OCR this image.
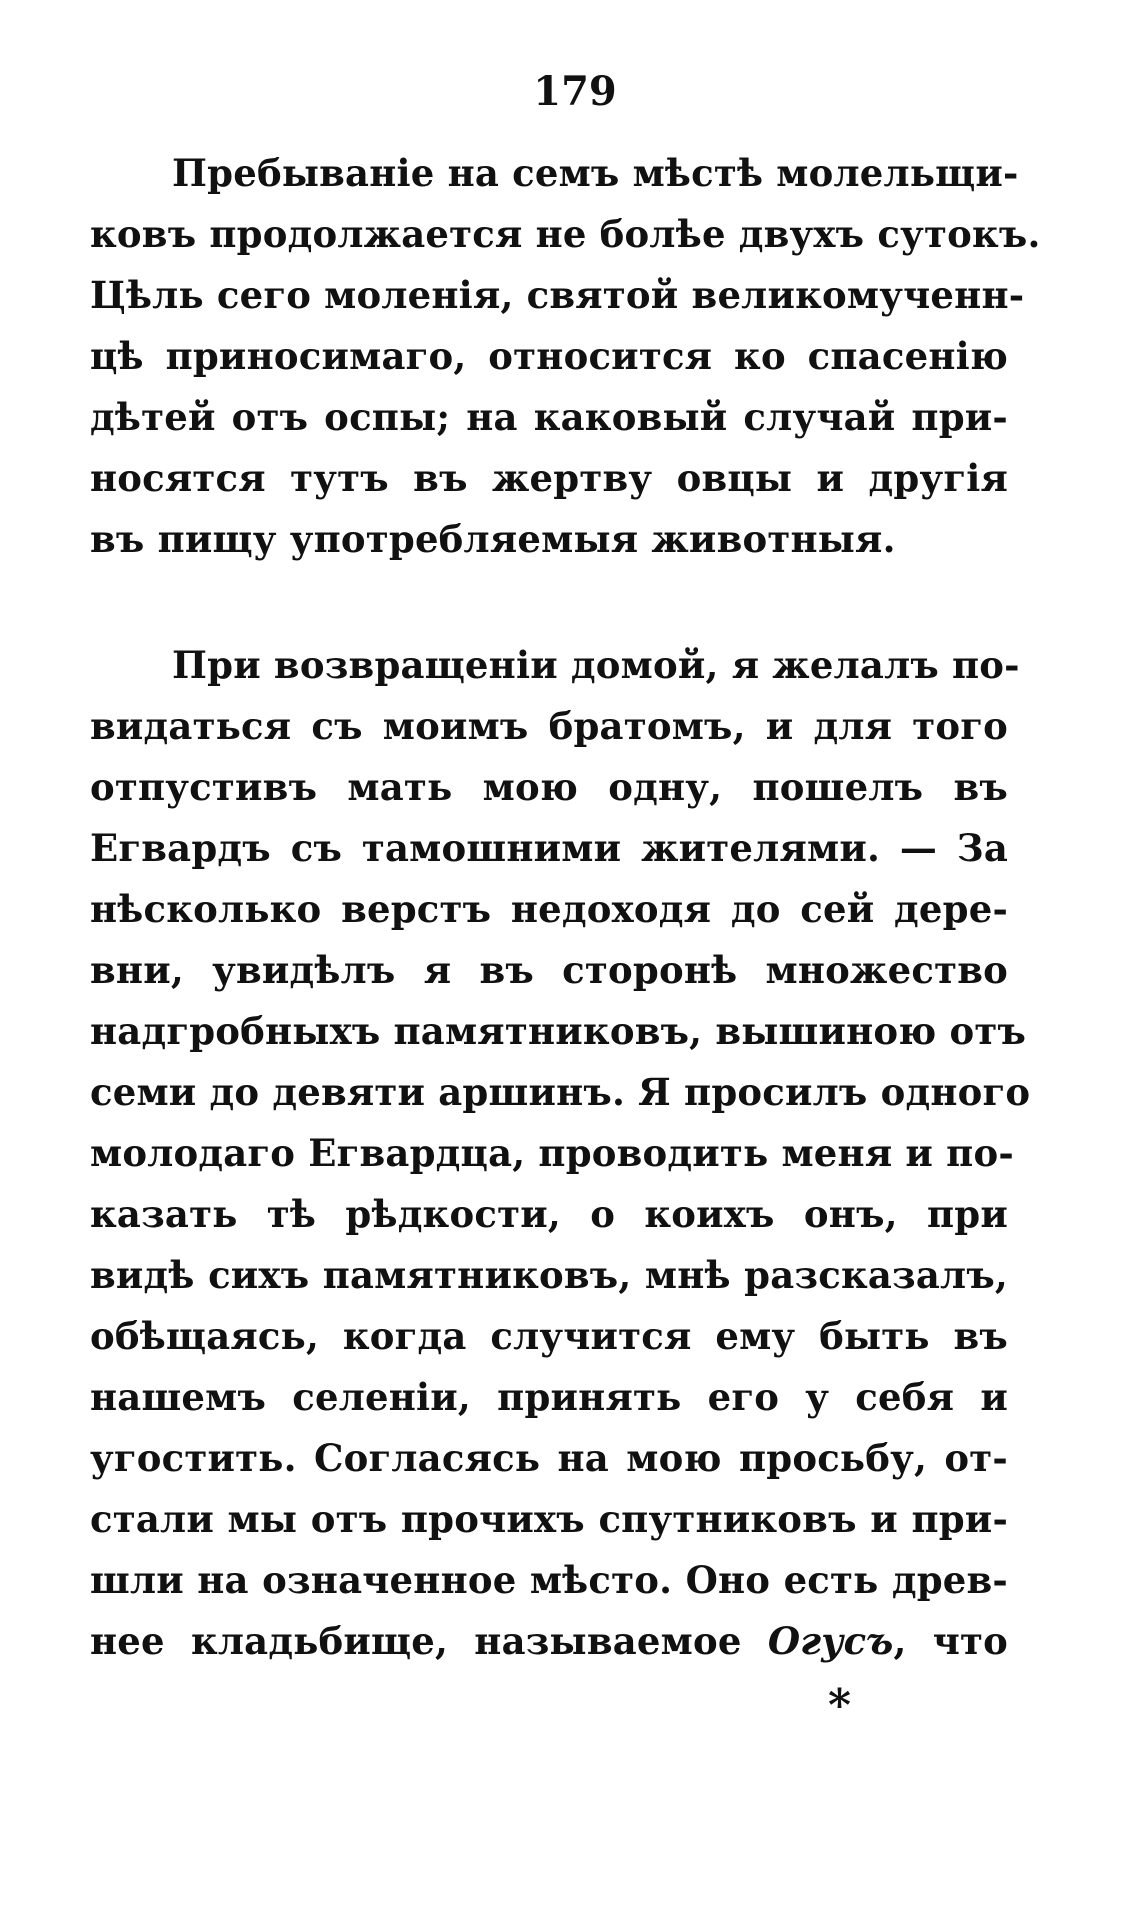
179
Пребываніе на семъ мѣстѣ молельщи-
ковъ продолжается не болѣе двухъ сутокъ.
Цѣль сего моленія, святой великомученн-
цѣ приносимаго, относится ко спасенію
дѣтей отъ оспы; на каковый случай при-
носятся тутъ въ жертву овцы и другія
въ пищу употребляемыя животныя.
При возвращеніи домой, я желалъ по-
видаться съ моимъ братомъ, и для того
отпустивъ мать мою одну, пошелъ въ
Егвардъ съ тамошними жителями. — За
нѣсколько верстъ недоходя до сей дере-
вни, увидѣлъ я въ сторонѣ множество
надгробныхъ памятниковъ, вышиною отъ
семи до девяти аршинъ. Я просилъ одного
молодаго Егвардца, проводить меня и по-
казать тѣ рѣдкости, о коихъ онъ, при
видѣ сихъ памятниковъ, мнѣ разсказалъ,
обѣщаясь, когда случится ему быть въ
нашемъ селеніи, принять его у себя и
угостить. Согласясь на мою просьбу, от-
стали мы отъ прочихъ спутниковъ и при-
шли на означенное мѣсто. Оно есть древ-
нее кладьбище, называемое Огусъ, что
*
